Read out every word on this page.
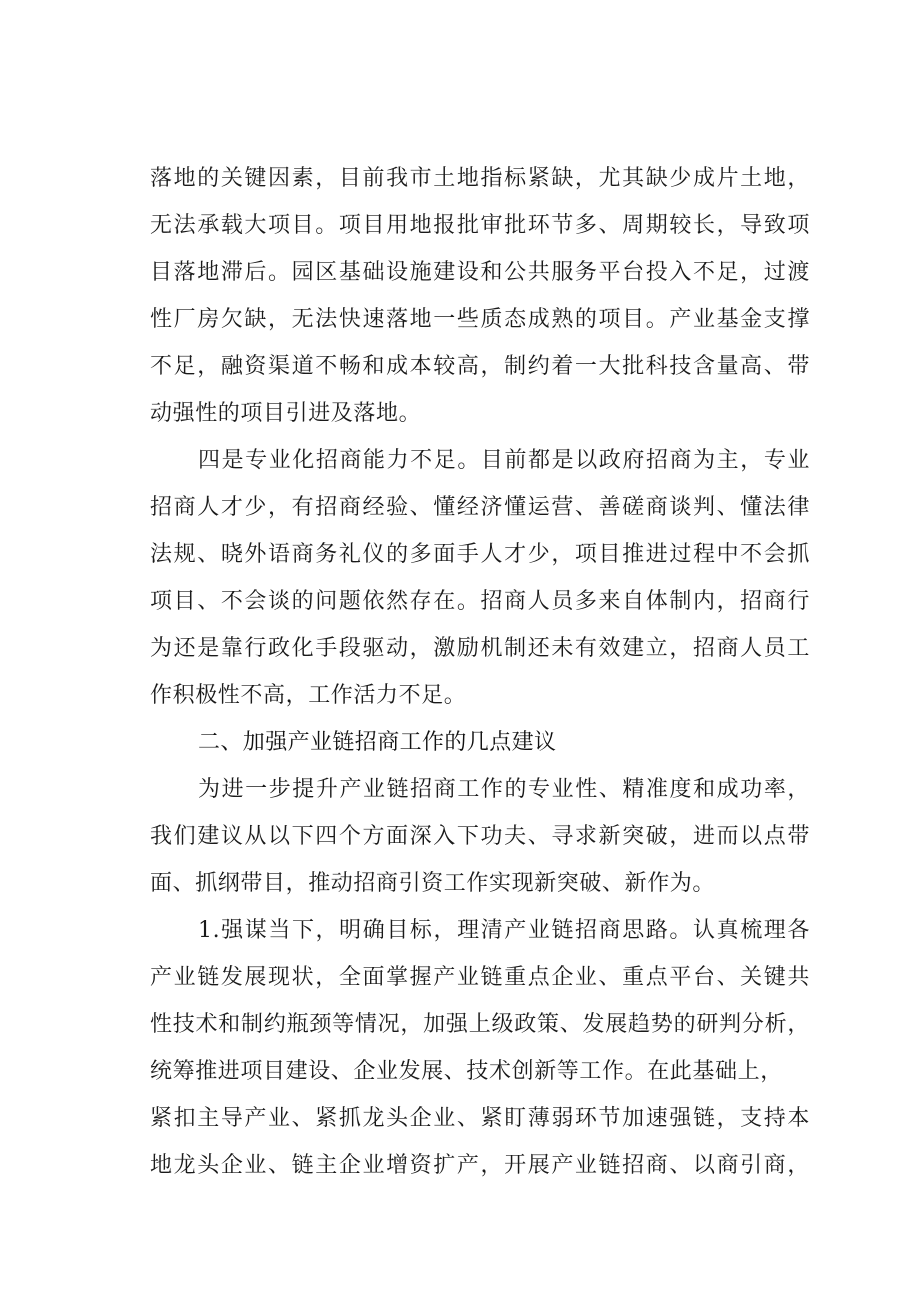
落地的关键因素，目前我市土地指标紧缺，尤其缺少成片土地，
无法承载大项目。项目用地报批审批环节多、周期较长，导致项
目落地滞后。园区基础设施建设和公共服务平台投入不足，过渡
性厂房欠缺，无法快速落地一些质态成熟的项目。产业基金支撑
不足，融资渠道不畅和成本较高，制约着一大批科技含量高、带
动强性的项目引进及落地。
四是专业化招商能力不足。目前都是以政府招商为主，专业
招商人才少，有招商经验、懂经济懂运营、善磋商谈判、懂法律
法规、晓外语商务礼仪的多面手人才少，项目推进过程中不会抓
项目、不会谈的问题依然存在。招商人员多来自体制内，招商行
为还是靠行政化手段驱动，激励机制还未有效建立，招商人员工
作积极性不高，工作活力不足。
二、加强产业链招商工作的几点建议
为进一步提升产业链招商工作的专业性、精准度和成功率，
我们建议从以下四个方面深入下功夫、寻求新突破，进而以点带
面、抓纲带目，推动招商引资工作实现新突破、新作为。
1.强谋当下，明确目标，理清产业链招商思路。认真梳理各
产业链发展现状，全面掌握产业链重点企业、重点平台、关键共
性技术和制约瓶颈等情况，加强上级政策、发展趋势的研判分析，
统筹推进项目建设、企业发展、技术创新等工作。在此基础上，
紧扣主导产业、紧抓龙头企业、紧盯薄弱环节加速强链，支持本
地龙头企业、链主企业增资扩产，开展产业链招商、以商引商，
